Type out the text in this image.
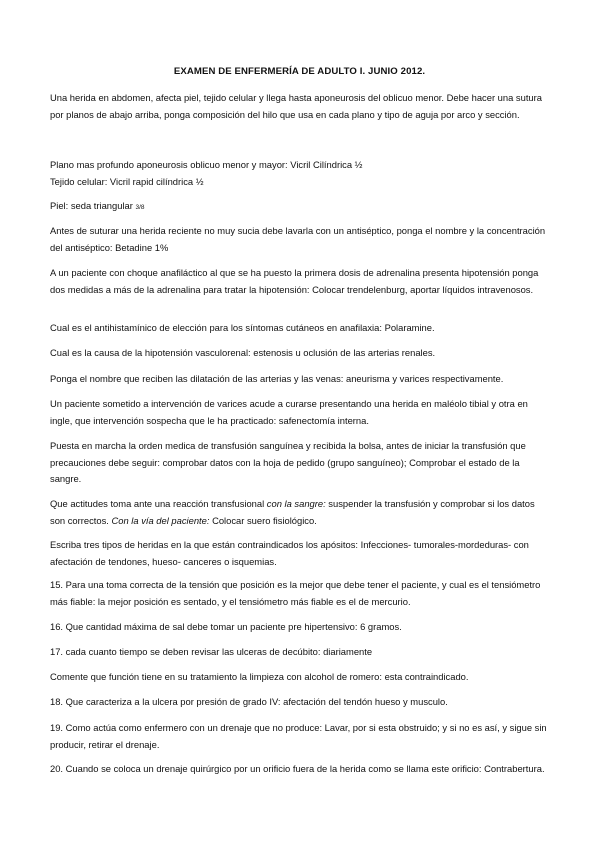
EXAMEN DE ENFERMERÍA DE ADULTO I. JUNIO 2012.

Una herida en abdomen, afecta piel, tejido celular y llega hasta aponeurosis del oblicuo menor. Debe hacer una sutura por planos de abajo arriba, ponga composición del hilo que usa en cada plano y tipo de aguja por arco y sección.

Plano mas profundo aponeurosis oblicuo menor y mayor: Vicril Cilíndrica ½

Tejido celular: Vicril rapid cilíndrica ½

Piel: seda triangular 3/8

Antes de suturar una herida reciente no muy sucia debe lavarla con un antiséptico, ponga el nombre y la concentración del antiséptico: Betadine 1%

A un paciente con choque anafiláctico al que se ha puesto la primera dosis de adrenalina presenta hipotensión ponga dos medidas a más de la adrenalina para tratar la hipotensión: Colocar trendelenburg, aportar líquidos intravenosos.

Cual es el antihistamínico de elección para los síntomas cutáneos en anafilaxia: Polaramine.

Cual es la causa de la hipotensión vasculorenal: estenosis u oclusión de las arterias renales.

Ponga el nombre que reciben las dilatación de las arterias y las venas: aneurisma y varices respectivamente.

Un paciente sometido a intervención de varices acude a curarse presentando una herida en maléolo tibial y otra en ingle, que intervención sospecha que le ha practicado: safenectomía interna.

Puesta en marcha la orden medica de transfusión sanguínea y recibida la bolsa, antes de iniciar la transfusión que precauciones debe seguir: comprobar datos con la hoja de pedido (grupo sanguíneo); Comprobar el estado de la sangre.

Que actitudes toma ante una reacción transfusional con la sangre: suspender la transfusión y comprobar si los datos son correctos. Con la vía del paciente: Colocar suero fisiológico.

Escriba tres tipos de heridas en la que están contraindicados los apósitos: Infecciones- tumorales-mordeduras- con afectación de tendones, hueso- canceres o isquemias.

15. Para una toma correcta de la tensión que posición es la mejor que debe tener el paciente, y cual es el tensiómetro más fiable: la mejor posición es sentado, y el tensiómetro más fiable es el de mercurio.

16. Que cantidad máxima de sal debe tomar un paciente pre hipertensivo: 6 gramos.

17. cada cuanto tiempo se deben revisar las ulceras de decúbito: diariamente

Comente que función tiene en su tratamiento la limpieza con alcohol de romero: esta contraindicado.

18. Que caracteriza a la ulcera por presión de grado IV: afectación del tendón hueso y musculo.

19. Como actúa como enfermero con un drenaje que no produce: Lavar, por si esta obstruido; y si no es así, y sigue sin producir, retirar el drenaje.

20. Cuando se coloca un drenaje quirúrgico por un orificio fuera de la herida como se llama este orificio: Contrabertura.
